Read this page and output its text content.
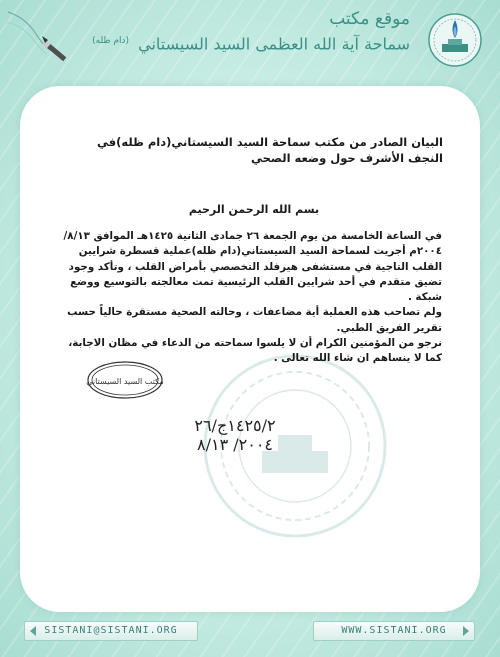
موقع مكتب
سماحة آية الله العظمى السيد السيستاني $^{(دام ظله)}$
البيان الصادر من مكتب سماحة السيد السيستاني(دام ظله)في النجف الأشرف حول وضعه الصحي
بسم الله الرحمن الرحيم

في الساعة الخامسة من يوم الجمعة ٢٦ جمادى الثانية ١٤٢٥هـ الموافق ٨/١٣/ ٢٠٠٤م أجريت لسماحة السيد السيستاني(دام ظله)عملية قسطرة شرايين القلب التاجية في مستشفى هيرفلد التخصصي بأمراض القلب ، وتأكد وجود تضيق متقدم في أحد شرايين القلب الرئيسية تمت معالجته بالتوسيع ووضع شبكة .

ولم تصاحب هذه العملية أية مضاعفات ، وحالته الصحية مستقرة حالياً حسب تقرير الفريق الطبي.

نرجو من المؤمنين الكرام أن لا يلسوا سماحته من الدعاء في مظان الاجابة، كما لا ينساهم ان شاء الله تعالى .

مكتب السيد السيستاني
١٤٢٥/٢ج/٢٦
٢٠٠٤/ ٨/١٣
SISTANI@SISTANI.ORG	WWW.SISTANI.ORG
